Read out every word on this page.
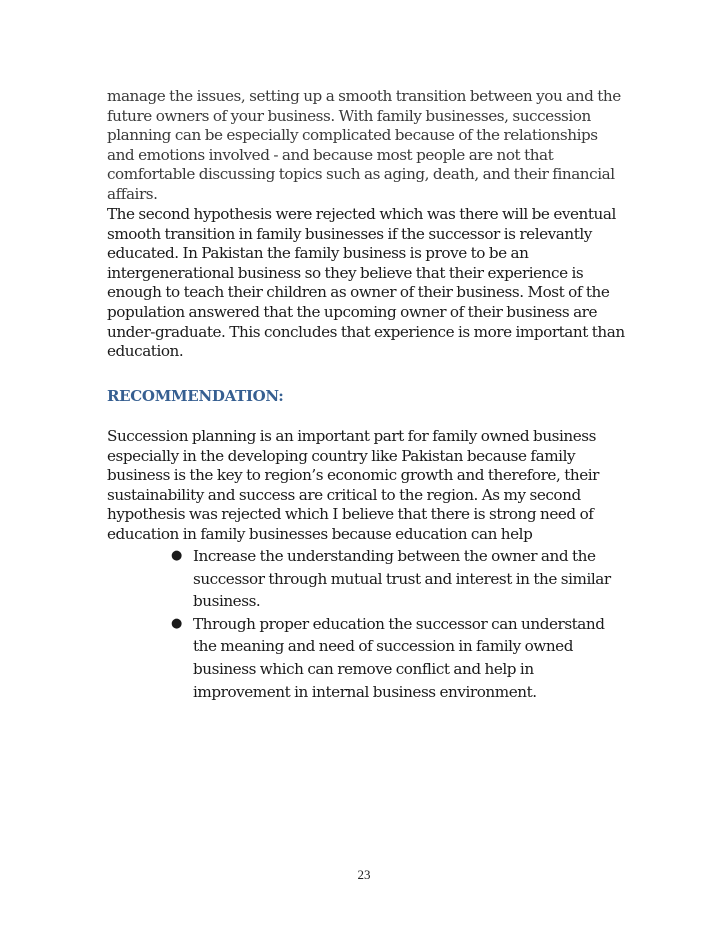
manage the issues, setting up a smooth transition between you and the future owners of your business. With family businesses, succession planning can be especially complicated because of the relationships and emotions involved - and because most people are not that comfortable discussing topics such as aging, death, and their financial affairs.

The second hypothesis were rejected which was there will be eventual smooth transition in family businesses if the successor is relevantly educated. In Pakistan the family business is prove to be an intergenerational business so they believe that their experience is enough to teach their children as owner of their business. Most of the population answered that the upcoming owner of their business are under-graduate. This concludes that experience is more important than education.

RECOMMENDATION:

Succession planning is an important part for family owned business especially in the developing country like Pakistan because family business is the key to region’s economic growth and therefore, their sustainability and success are critical to the region. As my second hypothesis was rejected which I believe that there is strong need of education in family businesses because education can help

● Increase the understanding between the owner and the successor through mutual trust and interest in the similar business.
● Through proper education the successor can understand the meaning and need of succession in family owned business which can remove conflict and help in improvement in internal business environment.
23
